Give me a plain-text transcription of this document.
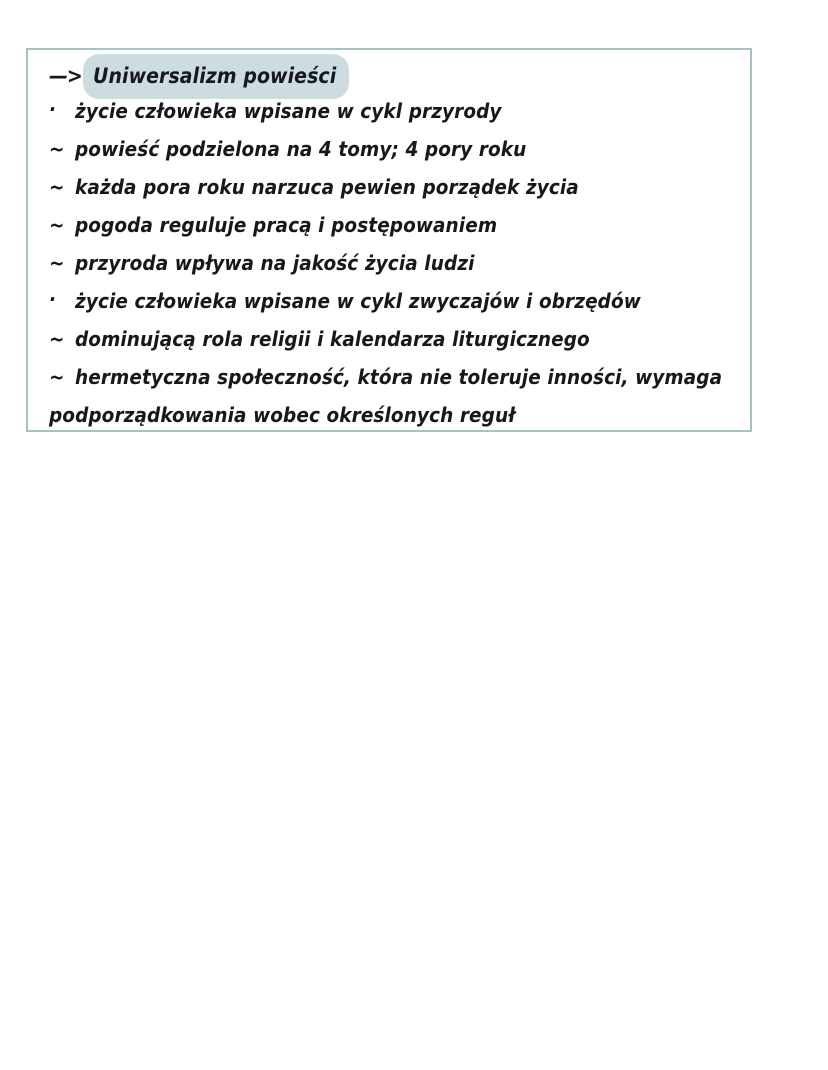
—> Uniwersalizm powieści
· życie człowieka wpisane w cykl przyrody
~ powieść podzielona na 4 tomy; 4 pory roku
~ każda pora roku narzuca pewien porządek życia
~ pogoda reguluje pracą i postępowaniem
~ przyroda wpływa na jakość życia ludzi
· życie człowieka wpisane w cykl zwyczajów i obrzędów
~ dominującą rola religii i kalendarza liturgicznego
~ hermetyczna społeczność, która nie toleruje inności, wymaga
podporządkowania wobec określonych reguł
